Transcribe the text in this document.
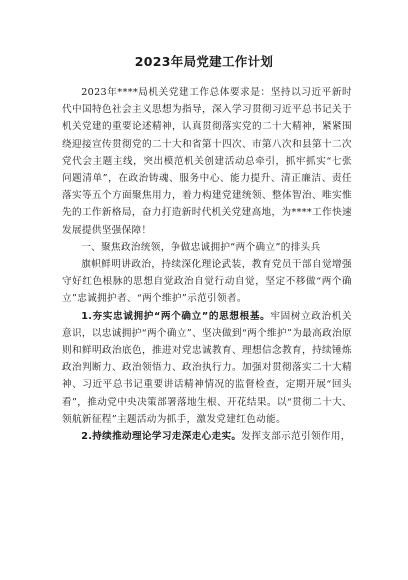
2023年局党建工作计划

2023年****局机关党建工作总体要求是：坚持以习近平新时代中国特色社会主义思想为指导，深入学习贯彻习近平总书记关于机关党建的重要论述精神，认真贯彻落实党的二十大精神，紧紧围绕迎接宣传贯彻党的二十大和省第十四次、市第八次和县第十二次党代会主题主线，突出模范机关创建活动总牵引，抓牢抓实“七张问题清单”，在政治铸魂、服务中心、能力提升、清正廉洁、责任落实等五个方面聚焦用力，着力构建党建统领、整体智治、唯实惟先的工作新格局，奋力打造新时代机关党建高地，为****工作快速发展提供坚强保障！

一、聚焦政治统领，争做忠诚拥护“两个确立”的排头兵

旗帜鲜明讲政治，持续深化理论武装，教育党员干部自觉增强守好红色根脉的思想自觉政治自觉行动自觉，坚定不移做“两个确立”忠诚拥护者、“两个维护”示范引领者。

1.夯实忠诚拥护“两个确立”的思想根基。牢固树立政治机关意识，以忠诚拥护“两个确立”、坚决做到“两个维护”为最高政治原则和鲜明政治底色，推进对党忠诚教育、理想信念教育，持续锤炼政治判断力、政治领悟力、政治执行力。加强对贯彻落实二十大精神、习近平总书记重要讲话精神情况的监督检查，定期开展“回头看”，推动党中央决策部署落地生根、开花结果。以“贯彻二十大、领航新征程”主题活动为抓手，激发党建红色动能。

2.持续推动理论学习走深走心走实。发挥支部示范引领作用，
